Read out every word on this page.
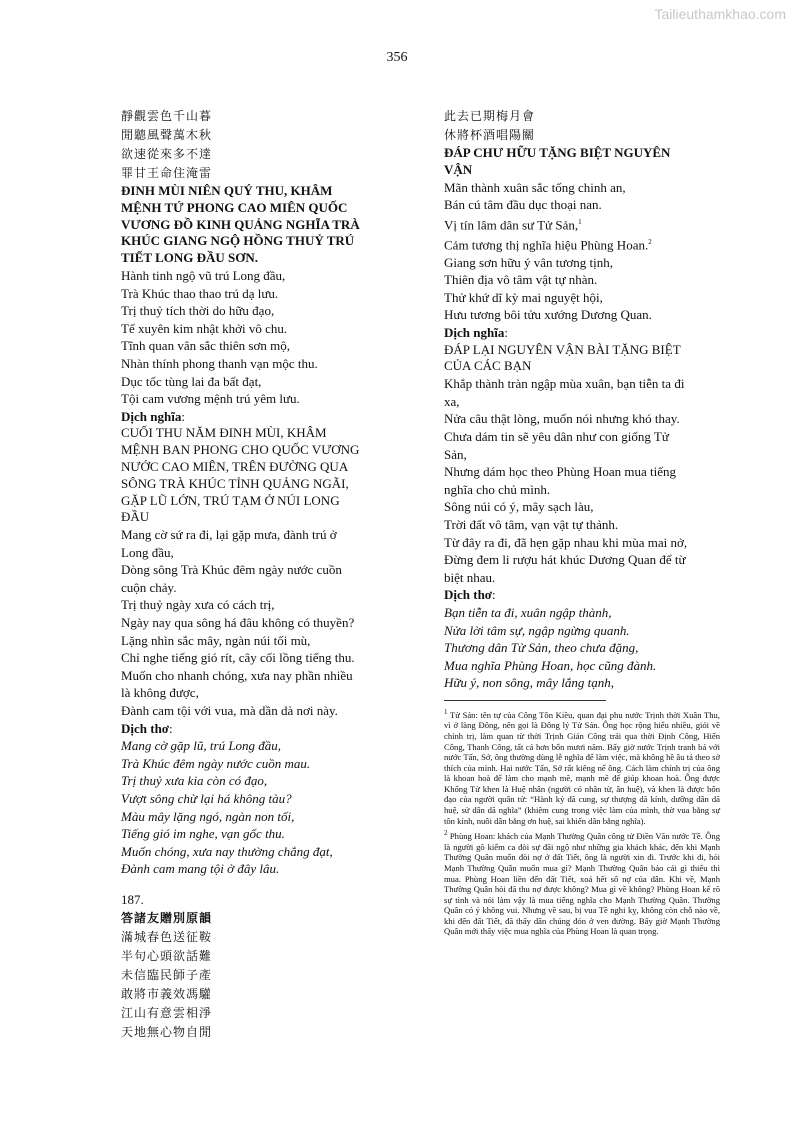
Tailieuthamkhao.com
356
靜觀雲色千山暮
閒聽風聲萬木秋
欲速從來多不達
罪甘王命住淹雷
ĐINH MÙI NIÊN QUÝ THU, KHÂM
MỆNH TỨ PHONG CAO MIÊN QUỐC
VƯƠNG ĐỒ KINH QUẢNG NGHĨA TRÀ
KHÚC GIANG NGỘ HỒNG THUỶ TRÚ
TIẾT LONG ĐẦU SƠN.
Hành tinh ngộ vũ trú Long đầu,
Trà Khúc thao thao trú dạ lưu.
Trị thuỷ tích thời do hữu đạo,
Tế xuyên kim nhật khởi vô chu.
Tĩnh quan vân sắc thiên sơn mộ,
Nhàn thính phong thanh vạn mộc thu.
Dục tốc tùng lai đa bất đạt,
Tội cam vương mệnh trú yêm lưu.
Dịch nghĩa:
CUỐI THU NĂM ĐINH MÙI, KHÂM
MỆNH BAN PHONG CHO QUỐC VƯƠNG
NƯỚC CAO MIÊN, TRÊN ĐƯỜNG QUA
SÔNG TRÀ KHÚC TỈNH QUẢNG NGÃI,
GẶP LŨ LỚN, TRÚ TẠM Ở NÚI LONG
ĐẦU
Mang cờ sứ ra đi, lại gặp mưa, đành trú ở
Long đầu,
Dòng sông Trà Khúc đêm ngày nước cuồn
cuộn chảy.
Trị thuỷ ngày xưa có cách trị,
Ngày nay qua sông há đâu không có thuyền?
Lặng nhìn sắc mây, ngàn núi tối mù,
Chỉ nghe tiếng gió rít, cây cối lồng tiếng thu.
Muốn cho nhanh chóng, xưa nay phần nhiều
là không được,
Đành cam tội với vua, mà dần dà nơi này.
Dịch thơ:
Mang cờ gặp lũ, trú Long đầu,
Trà Khúc đêm ngày nước cuồn mau.
Trị thuỷ xưa kia còn có đạo,
Vượt sông chừ lại há không tàu?
Màu mây lặng ngó, ngàn non tối,
Tiếng gió im nghe, vạn gốc thu.
Muốn chóng, xưa nay thường chẳng đạt,
Đành cam mang tội ở đây lâu.
187.
答諸友贈別原韻
滿城春色送征鞍
半句心頭欲話難
未信臨民師子產
敢將市義效馮驩
江山有意雲相淨
天地無心物自閒
此去已期梅月會
休將杯酒唱陽關
ĐÁP CHƯ HỮU TẶNG BIỆT NGUYÊN
VẬN
Mãn thành xuân sắc tống chinh an,
Bán cú tâm đầu dục thoại nan.
Vị tín lâm dân sư Tử Sản,$^1$
Cảm tương thị nghĩa hiệu Phùng Hoan.$^2$
Giang sơn hữu ý vân tương tịnh,
Thiên địa vô tâm vật tự nhàn.
Thử khứ dĩ kỳ mai nguyệt hội,
Hưu tương bôi tửu xướng Dương Quan.
Dịch nghĩa:
ĐÁP LẠI NGUYÊN VẬN BÀI TẶNG BIỆT
CỦA CÁC BẠN
Khắp thành tràn ngập mùa xuân, bạn tiễn ta đi
xa,
Nửa câu thật lòng, muốn nói nhưng khó thay.
Chưa dám tin sẽ yêu dân như con giống Tử
Sản,
Nhưng dám học theo Phùng Hoan mua tiếng
nghĩa cho chủ mình.
Sông núi có ý, mây sạch làu,
Trời đất vô tâm, vạn vật tự thảnh.
Từ đây ra đi, đã hẹn gặp nhau khi mùa mai nở,
Đừng đem li rượu hát khúc Dương Quan để từ
biệt nhau.
Dịch thơ:
Bạn tiễn ta đi, xuân ngập thành,
Nửa lời tâm sự, ngập ngừng quanh.
Thương dân Tử Sản, theo chưa đặng,
Mua nghĩa Phùng Hoan, học cũng đành.
Hữu ý, non sông, mây lắng tạnh,

$^1$ Tử Sản: tên tự của Công Tôn Kiều, quan đại phu nước Trịnh thời Xuân Thu, vì ở làng Đông, nên gọi là Đông lý Tử Sản. Ông học rộng hiểu nhiều, giỏi về chính trị, làm quan từ thời Trịnh Giản Công trải qua thời Định Công, Hiến Công, Thanh Công, tất cả hơn bốn mươi năm. Bấy giờ nước Trịnh tranh bá với nước Tấn, Sở, ông thường dùng lễ nghĩa để làm việc, mà không hề âu tả theo sở thích của mình. Hai nước Tấn, Sở rất kiêng nể ông. Cách làm chính trị của ông là khoan hoà để làm cho mạnh mẽ, mạnh mẽ để giúp khoan hoà. Ông được Khổng Tử khen là Huệ nhân (người có nhân từ, ân huệ), và khen là được bốn đạo của người quân tử: “Hành kỷ dã cung, sự thượng dã kính, dưỡng dân dã huệ, sử dân dã nghĩa” (khiêm cung trong việc làm của mình, thờ vua bằng sự tôn kính, nuôi dân bằng ơn huệ, sai khiến dân bằng nghĩa).

$^2$ Phùng Hoan: khách của Mạnh Thường Quân công tử Điền Văn nước Tề. Ông là người gõ kiếm ca đòi sự đãi ngộ như những gia khách khác, đến khi Mạnh Thường Quân muốn đòi nợ ở đất Tiết, ông là người xin đi. Trước khi đi, hỏi Mạnh Thường Quân muốn mua gì? Mạnh Thường Quân bảo cái gì thiếu thì mua. Phùng Hoan liền đến đất Tiết, xoá hết số nợ của dân. Khi về, Mạnh Thường Quân hỏi đã thu nợ được không? Mua gì về không? Phùng Hoan kể rõ sự tình và nói làm vậy là mua tiếng nghĩa cho Mạnh Thường Quân. Thường Quân có ý không vui. Nhưng về sau, bị vua Tề nghi kỵ, không còn chỗ nào về, khi đến đất Tiết, đã thấy dân chúng đón ở ven đường. Bấy giờ Mạnh Thường Quân mới thấy việc mua nghĩa của Phùng Hoan là quan trọng.
